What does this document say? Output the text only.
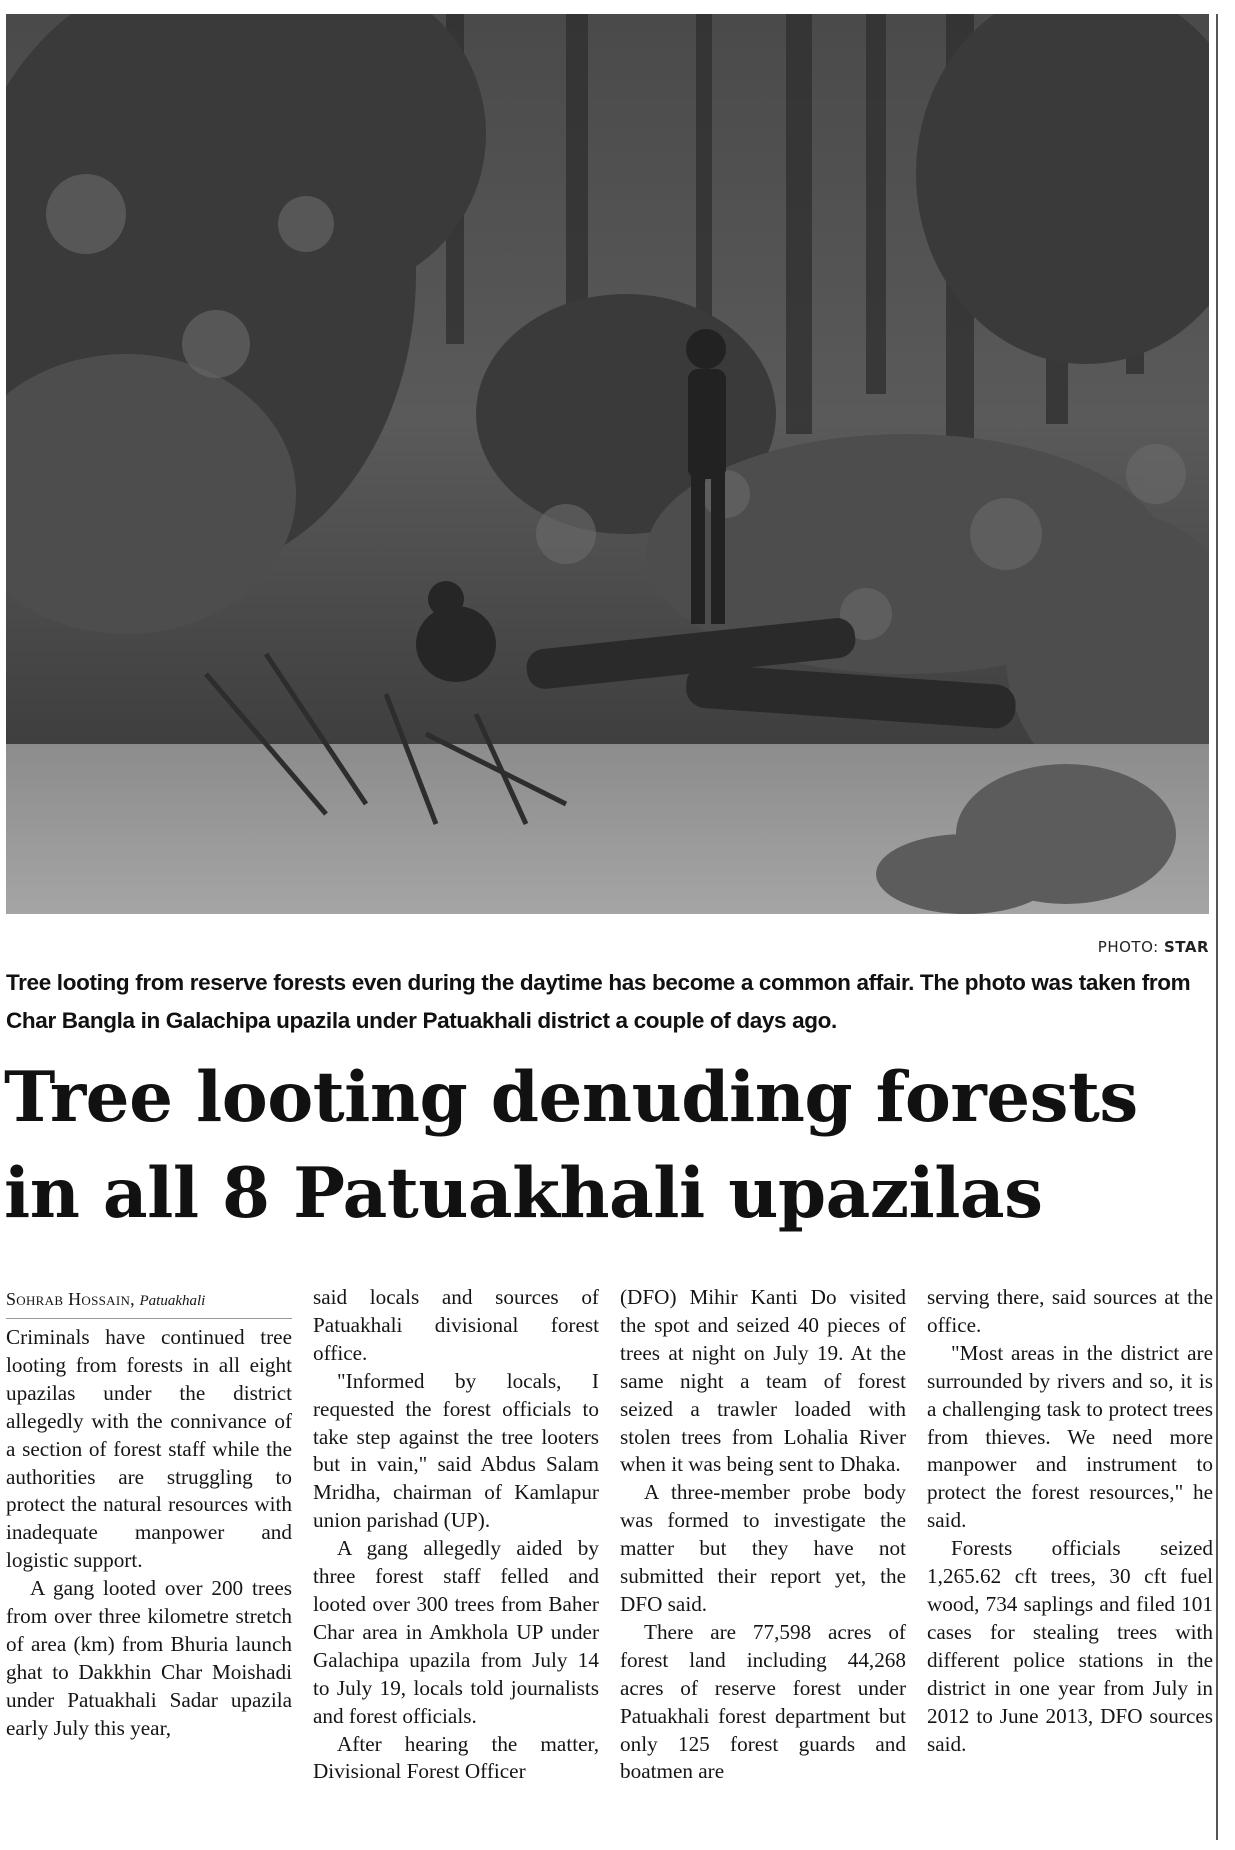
PHOTO: STAR
Tree looting from reserve forests even during the daytime has become a common affair. The photo was taken from Char Bangla in Galachipa upazila under Patuakhali district a couple of days ago.
Tree looting denuding forests
in all 8 Patuakhali upazilas
Sohrab Hossain, Patuakhali

Criminals have continued tree looting from forests in all eight upazilas under the district allegedly with the connivance of a section of forest staff while the authorities are struggling to protect the natural resources with inadequate manpower and logistic support.

A gang looted over 200 trees from over three kilometre stretch of area (km) from Bhuria launch ghat to Dakkhin Char Moishadi under Patuakhali Sadar upazila early July this year,

said locals and sources of Patuakhali divisional forest office.

"Informed by locals, I requested the forest officials to take step against the tree looters but in vain," said Abdus Salam Mridha, chairman of Kamlapur union parishad (UP).

A gang allegedly aided by three forest staff felled and looted over 300 trees from Baher Char area in Amkhola UP under Galachipa upazila from July 14 to July 19, locals told journalists and forest officials.

After hearing the matter, Divisional Forest Officer

(DFO) Mihir Kanti Do visited the spot and seized 40 pieces of trees at night on July 19. At the same night a team of forest seized a trawler loaded with stolen trees from Lohalia River when it was being sent to Dhaka.

A three-member probe body was formed to investigate the matter but they have not submitted their report yet, the DFO said.

There are 77,598 acres of forest land including 44,268 acres of reserve forest under Patuakhali forest department but only 125 forest guards and boatmen are

serving there, said sources at the office.

"Most areas in the district are surrounded by rivers and so, it is a challenging task to protect trees from thieves. We need more manpower and instrument to protect the forest resources," he said.

Forests officials seized 1,265.62 cft trees, 30 cft fuel wood, 734 saplings and filed 101 cases for stealing trees with different police stations in the district in one year from July in 2012 to June 2013, DFO sources said.
